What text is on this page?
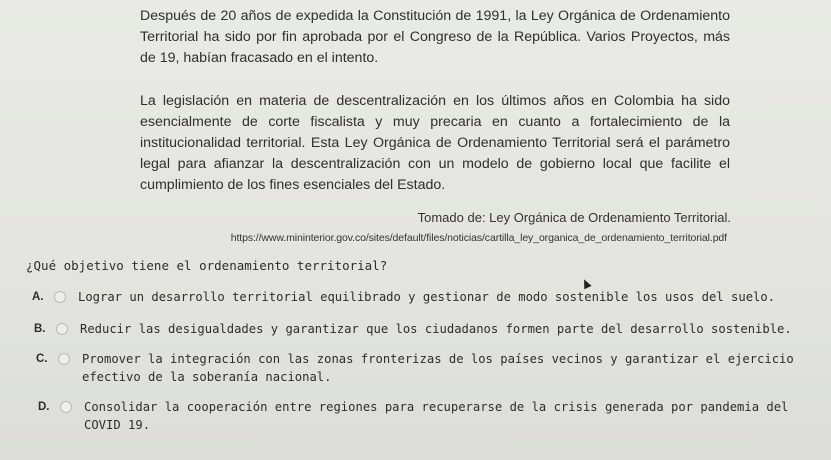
Después de 20 años de expedida la Constitución de 1991, la Ley Orgánica de Ordenamiento Territorial ha sido por fin aprobada por el Congreso de la República. Varios Proyectos, más de 19, habían fracasado en el intento.
La legislación en materia de descentralización en los últimos años en Colombia ha sido esencialmente de corte fiscalista y muy precaria en cuanto a fortalecimiento de la institucionalidad territorial. Esta Ley Orgánica de Ordenamiento Territorial será el parámetro legal para afianzar la descentralización con un modelo de gobierno local que facilite el cumplimiento de los fines esenciales del Estado.
Tomado de: Ley Orgánica de Ordenamiento Territorial.
https://www.mininterior.gov.co/sites/default/files/noticias/cartilla_ley_organica_de_ordenamiento_territorial.pdf
¿Qué objetivo tiene el ordenamiento territorial?
A.	Lograr un desarrollo territorial equilibrado y gestionar de modo sostenible los usos del suelo.
B.	Reducir las desigualdades y garantizar que los ciudadanos formen parte del desarrollo sostenible.
C.	Promover la integración con las zonas fronterizas de los países vecinos y garantizar el ejercicio efectivo de la soberanía nacional.
D.	Consolidar la cooperación entre regiones para recuperarse de la crisis generada por pandemia del COVID 19.
